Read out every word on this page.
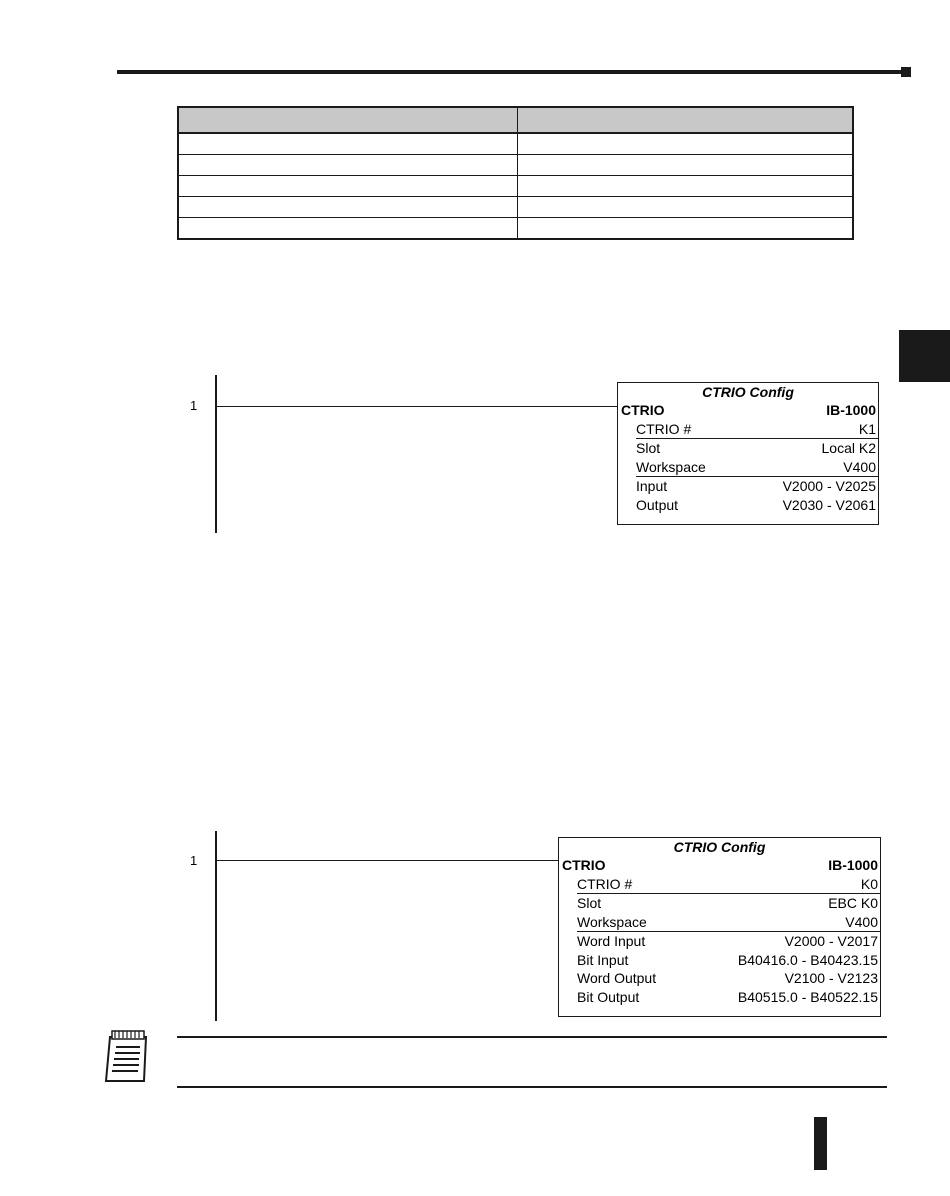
1
CTRIO Config
CTRIO	IB-1000
CTRIO #	K1
Slot	Local K2
Workspace	V400
Input	V2000 - V2025
Output	V2030 - V2061
1
CTRIO Config
CTRIO	IB-1000
CTRIO #	K0
Slot	EBC K0
Workspace	V400
Word Input	V2000 - V2017
Bit Input	B40416.0 - B40423.15
Word Output	V2100 - V2123
Bit Output	B40515.0 - B40522.15
